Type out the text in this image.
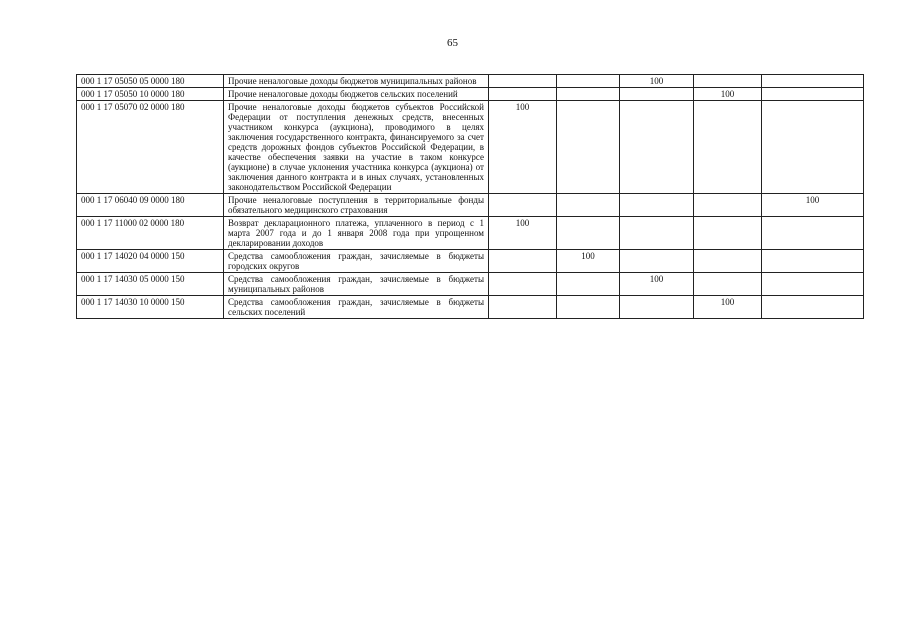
65
000 1 17 05050 05 0000 180	Прочие неналоговые доходы бюджетов муниципальных районов			100		
000 1 17 05050 10 0000 180	Прочие неналоговые доходы бюджетов сельских поселений				100	
000 1 17 05070 02 0000 180	Прочие неналоговые доходы бюджетов субъектов Российской Федерации от поступления денежных средств, внесенных участником конкурса (аукциона), проводимого в целях заключения государственного контракта, финансируемого за счет средств дорожных фондов субъектов Российской Федерации, в качестве обеспечения заявки на участие в таком конкурсе (аукционе) в случае уклонения участника конкурса (аукциона) от заключения данного контракта и в иных случаях, установленных законодательством Российской Федерации	100				
000 1 17 06040 09 0000 180	Прочие неналоговые поступления в территориальные фонды обязательного медицинского страхования					100
000 1 17 11000 02 0000 180	Возврат декларационного платежа, уплаченного в период с 1 марта 2007 года и до 1 января 2008 года при упрощенном декларировании доходов	100				
000 1 17 14020 04 0000 150	Средства самообложения граждан, зачисляемые в бюджеты городских округов		100			
000 1 17 14030 05 0000 150	Средства самообложения граждан, зачисляемые в бюджеты муниципальных районов			100		
000 1 17 14030 10 0000 150	Средства самообложения граждан, зачисляемые в бюджеты сельских поселений				100	
